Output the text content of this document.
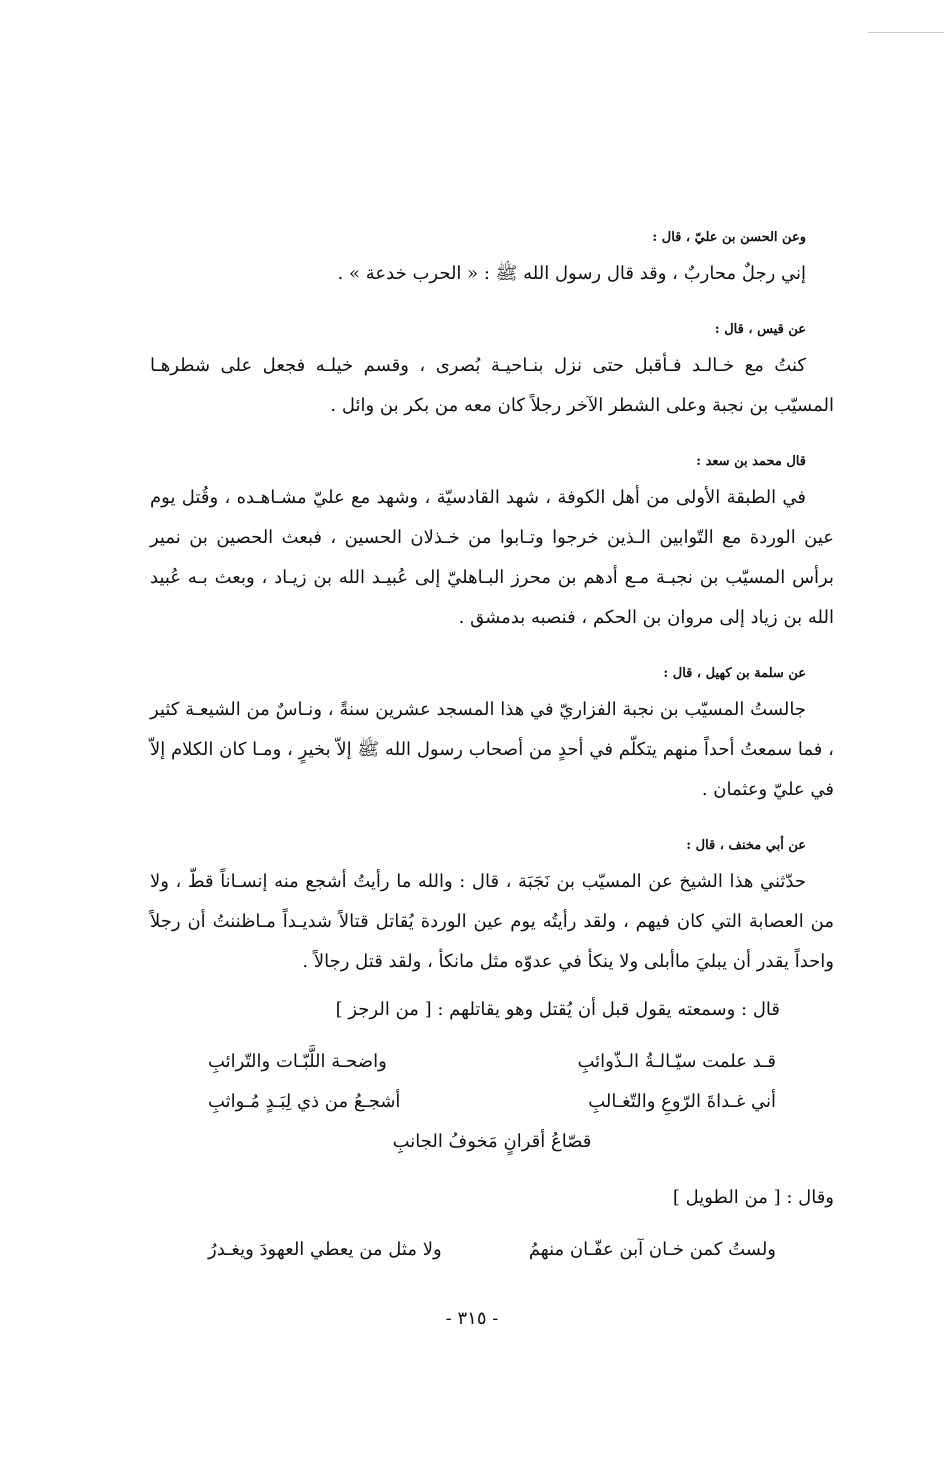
وعن الحسن بن عليّ ، قال :

إني رجلٌ محاربٌ ، وقد قال رسول الله ﷺ : « الحرب خدعة » .

عن قيس ، قال :

كنتُ مع خـالـد فـأقبل حتى نزل بنـاحيـة بُصرى ، وقسم خيلـه فجعل على شطرهـا المسيّب بن نجبة وعلى الشطر الآخر رجلاً كان معه من بكر بن وائل .

قال محمد بن سعد :

في الطبقة الأولى من أهل الكوفة ، شهد القادسيّة ، وشهد مع عليّ مشـاهـده ، وقُتل يوم عين الوردة مع التّوابين الـذين خرجوا وتـابوا من خـذلان الحسين ، فبعث الحصين بن نمير برأس المسيّب بن نجبـة مـع أدهم بن محرز البـاهليّ إلى عُبيـد الله بن زيـاد ، وبعث بـه عُبيد الله بن زياد إلى مروان بن الحكم ، فنصبه بدمشق .

عن سلمة بن كهيل ، قال :

جالستُ المسيّب بن نجبة الفزاريّ في هذا المسجد عشرين سنةً ، ونـاسٌ من الشيعـة كثير ، فما سمعتُ أحداً منهم يتكلّم في أحدٍ من أصحاب رسول الله ﷺ إلاّ بخيرٍ ، ومـا كان الكلام إلاّ في عليّ وعثمان .

عن أبي مخنف ، قال :

حدّثني هذا الشيخ عن المسيّب بن نَجَبَة ، قال : والله ما رأيتُ أشجع منه إنسـاناً قطّ ، ولا من العصابة التي كان فيهم ، ولقد رأيتُه يوم عين الوردة يُقاتل قتالاً شديـداً مـاظننتُ أن رجلاً واحداً يقدر أن يبليَ ماأبلى ولا ينكأ في عدوّه مثل مانكأ ، ولقد قتل رجالاً .

قال : وسمعته يقول قبل أن يُقتل وهو يقاتلهم : [ من الرجز ]
قـد علمت سيّـالـةُ الـذّوائبِ
واضحـة اللَّبّـات والتّرائبِ
أني غـداةَ الرّوعِ والتّغـالبِ
أشجـعُ من ذي لِبَـدٍ مُـواثبِ
قصّاعُ أقرانٍ مَخوفُ الجانبِ
وقال : [ من الطويل ]
ولستُ كمن خـان آبن عفّـان منهمُ
ولا مثل من يعطي العهودَ ويغـدرُ
- ٣١٥ -
